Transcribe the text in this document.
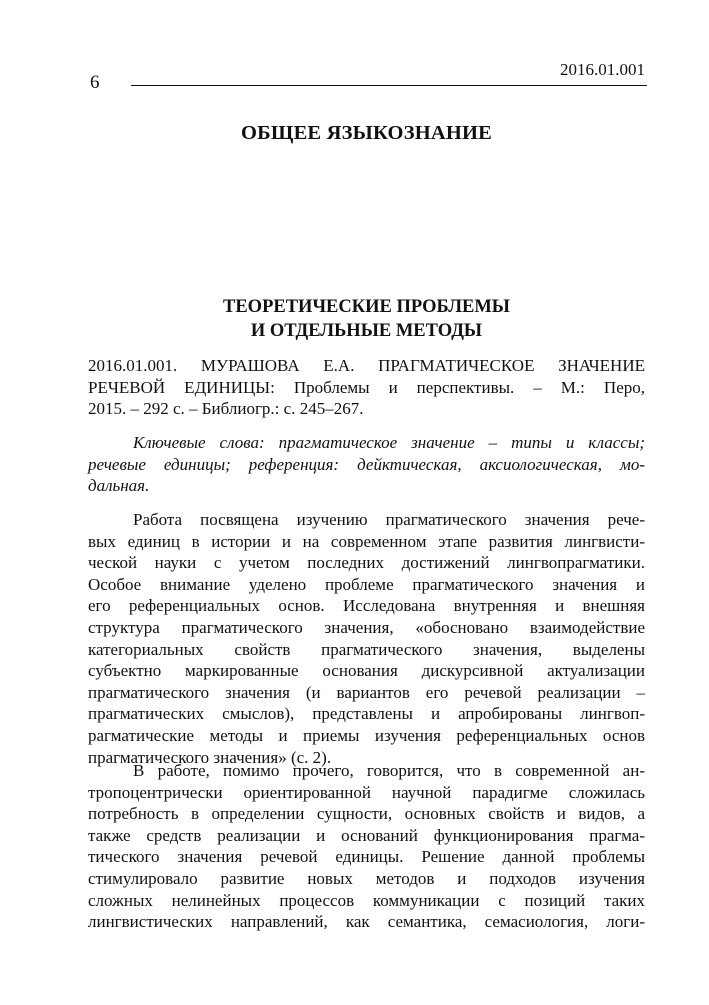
6
2016.01.001
ОБЩЕЕ ЯЗЫКОЗНАНИЕ
ТЕОРЕТИЧЕСКИЕ ПРОБЛЕМЫ
И ОТДЕЛЬНЫЕ МЕТОДЫ
2016.01.001. МУРАШОВА Е.А. ПРАГМАТИЧЕСКОЕ ЗНАЧЕНИЕ
РЕЧЕВОЙ ЕДИНИЦЫ: Проблемы и перспективы. – М.: Перо,
2015. – 292 с. – Библиогр.: с. 245–267.
Ключевые слова: прагматическое значение – типы и классы;
речевые единицы; референция: дейктическая, аксиологическая, мо-
дальная.
Работа посвящена изучению прагматического значения рече-
вых единиц в истории и на современном этапе развития лингвисти-
ческой науки с учетом последних достижений лингвопрагматики.
Особое внимание уделено проблеме прагматического значения и
его референциальных основ. Исследована внутренняя и внешняя
структура прагматического значения, «обосновано взаимодействие
категориальных свойств прагматического значения, выделены
субъектно маркированные основания дискурсивной актуализации
прагматического значения (и вариантов его речевой реализации –
прагматических смыслов), представлены и апробированы лингвоп-
рагматические методы и приемы изучения референциальных основ
прагматического значения» (с. 2).
В работе, помимо прочего, говорится, что в современной ан-
тропоцентрически ориентированной научной парадигме сложилась
потребность в определении сущности, основных свойств и видов, а
также средств реализации и оснований функционирования прагма-
тического значения речевой единицы. Решение данной проблемы
стимулировало развитие новых методов и подходов изучения
сложных нелинейных процессов коммуникации с позиций таких
лингвистических направлений, как семантика, семасиология, логи-
